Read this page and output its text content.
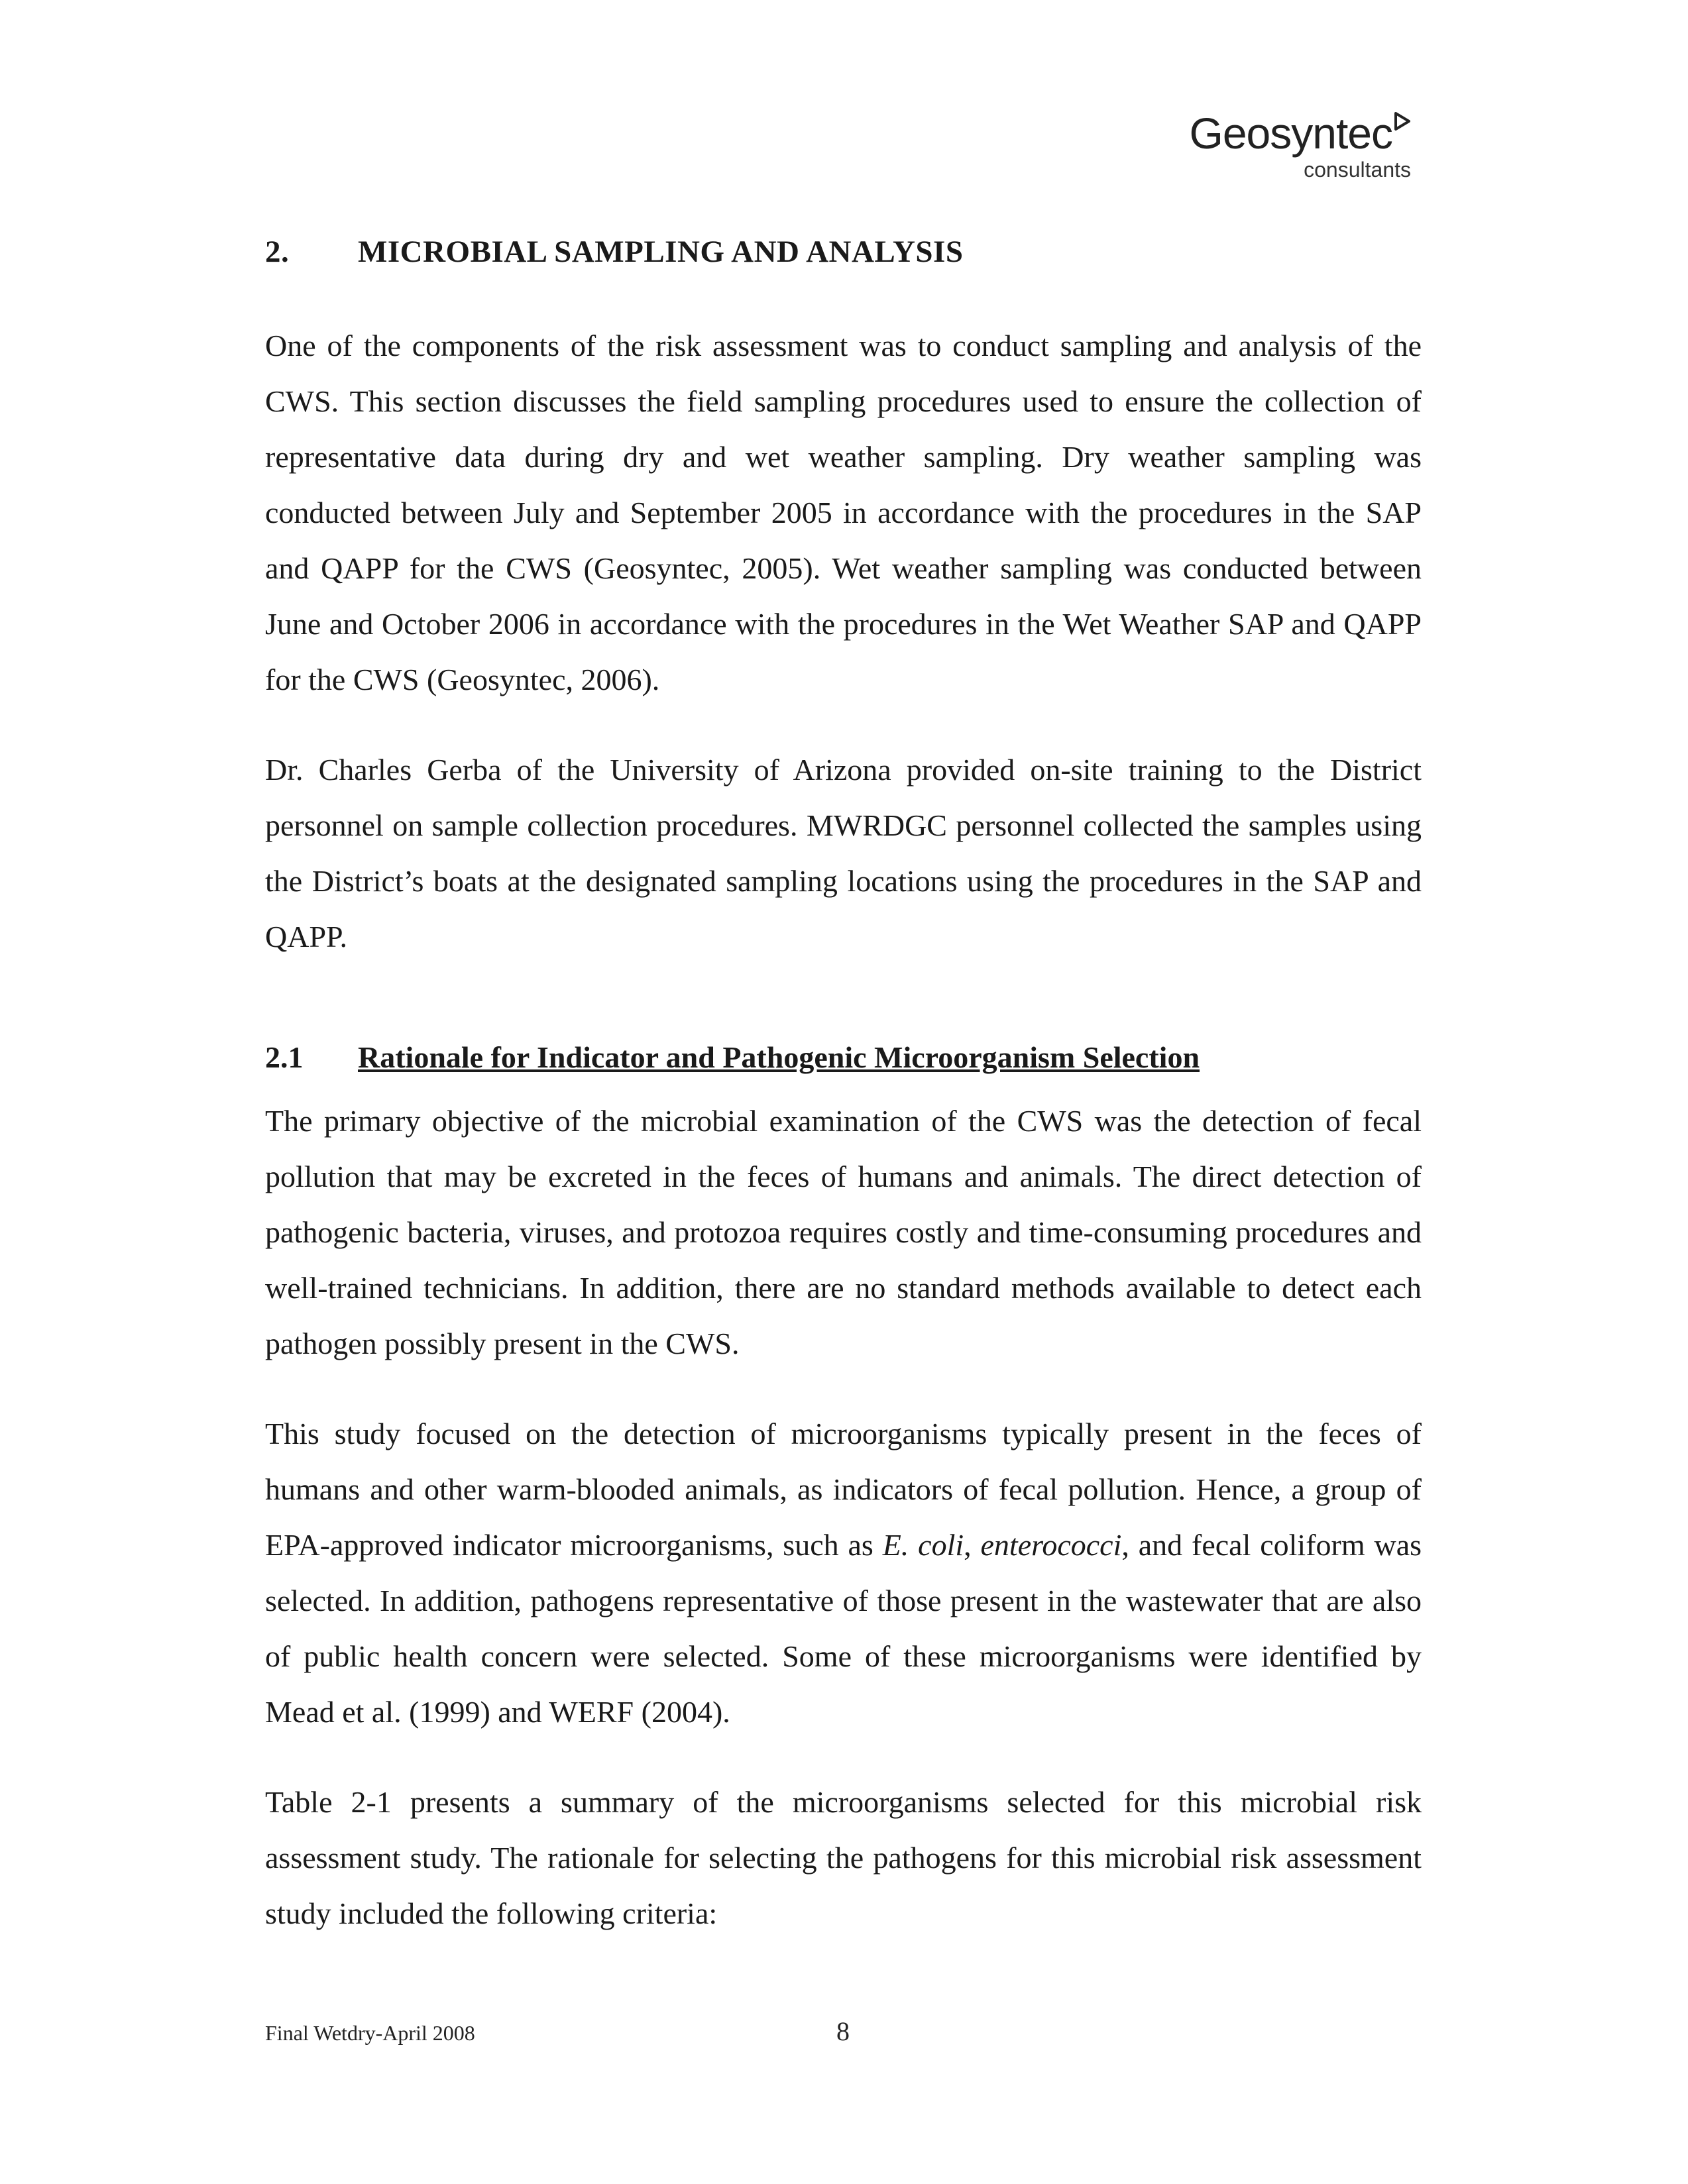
Geosyntec
consultants
2. MICROBIAL SAMPLING AND ANALYSIS

One of the components of the risk assessment was to conduct sampling and analysis of the CWS. This section discusses the field sampling procedures used to ensure the collection of representative data during dry and wet weather sampling. Dry weather sampling was conducted between July and September 2005 in accordance with the procedures in the SAP and QAPP for the CWS (Geosyntec, 2005). Wet weather sampling was conducted between June and October 2006 in accordance with the procedures in the Wet Weather SAP and QAPP for the CWS (Geosyntec, 2006).

Dr. Charles Gerba of the University of Arizona provided on-site training to the District personnel on sample collection procedures. MWRDGC personnel collected the samples using the District’s boats at the designated sampling locations using the procedures in the SAP and QAPP.

2.1 Rationale for Indicator and Pathogenic Microorganism Selection

The primary objective of the microbial examination of the CWS was the detection of fecal pollution that may be excreted in the feces of humans and animals. The direct detection of pathogenic bacteria, viruses, and protozoa requires costly and time-consuming procedures and well-trained technicians. In addition, there are no standard methods available to detect each pathogen possibly present in the CWS.

This study focused on the detection of microorganisms typically present in the feces of humans and other warm-blooded animals, as indicators of fecal pollution. Hence, a group of EPA-approved indicator microorganisms, such as E. coli, enterococci, and fecal coliform was selected. In addition, pathogens representative of those present in the wastewater that are also of public health concern were selected. Some of these microorganisms were identified by Mead et al. (1999) and WERF (2004).

Table 2-1 presents a summary of the microorganisms selected for this microbial risk assessment study. The rationale for selecting the pathogens for this microbial risk assessment study included the following criteria:

Final Wetdry-April 2008	8
